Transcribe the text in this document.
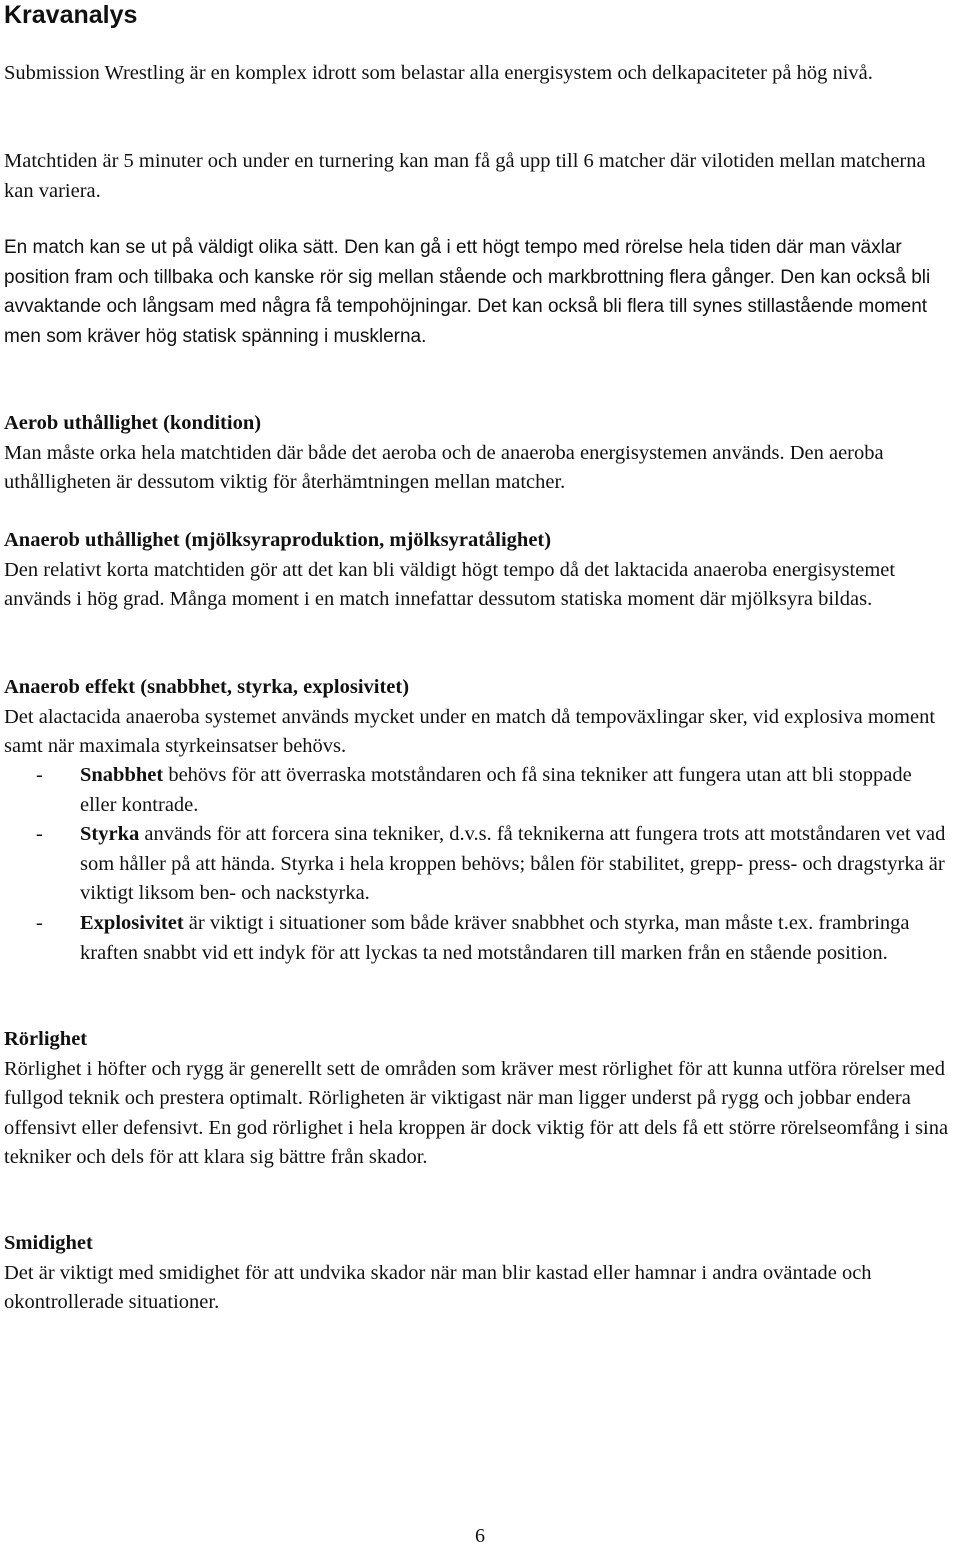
Kravanalys

Submission Wrestling är en komplex idrott som belastar alla energisystem och delkapaciteter på hög nivå.

Matchtiden är 5 minuter och under en turnering kan man få gå upp till 6 matcher där vilotiden mellan matcherna kan variera.

En match kan se ut på väldigt olika sätt. Den kan gå i ett högt tempo med rörelse hela tiden där man växlar position fram och tillbaka och kanske rör sig mellan stående och markbrottning flera gånger. Den kan också bli avvaktande och långsam med några få tempohöjningar. Det kan också bli flera till synes stillastående moment men som kräver hög statisk spänning i musklerna.

Aerob uthållighet (kondition)
Man måste orka hela matchtiden där både det aeroba och de anaeroba energisystemen används. Den aeroba uthålligheten är dessutom viktig för återhämtningen mellan matcher.
Anaerob uthållighet (mjölksyraproduktion, mjölksyratålighet)
Den relativt korta matchtiden gör att det kan bli väldigt högt tempo då det laktacida anaeroba energisystemet används i hög grad. Många moment i en match innefattar dessutom statiska moment där mjölksyra bildas.
Anaerob effekt (snabbhet, styrka, explosivitet)
Det alactacida anaeroba systemet används mycket under en match då tempoväxlingar sker, vid explosiva moment samt när maximala styrkeinsatser behövs.
- Snabbhet behövs för att överraska motståndaren och få sina tekniker att fungera utan att bli stoppade eller kontrade.
- Styrka används för att forcera sina tekniker, d.v.s. få teknikerna att fungera trots att motståndaren vet vad som håller på att hända. Styrka i hela kroppen behövs; bålen för stabilitet, grepp- press- och dragstyrka är viktigt liksom ben- och nackstyrka.
- Explosivitet är viktigt i situationer som både kräver snabbhet och styrka, man måste t.ex. frambringa kraften snabbt vid ett indyk för att lyckas ta ned motståndaren till marken från en stående position.
Rörlighet
Rörlighet i höfter och rygg är generellt sett de områden som kräver mest rörlighet för att kunna utföra rörelser med fullgod teknik och prestera optimalt. Rörligheten är viktigast när man ligger underst på rygg och jobbar endera offensivt eller defensivt. En god rörlighet i hela kroppen är dock viktig för att dels få ett större rörelseomfång i sina tekniker och dels för att klara sig bättre från skador.
Smidighet
Det är viktigt med smidighet för att undvika skador när man blir kastad eller hamnar i andra oväntade och okontrollerade situationer.
6
